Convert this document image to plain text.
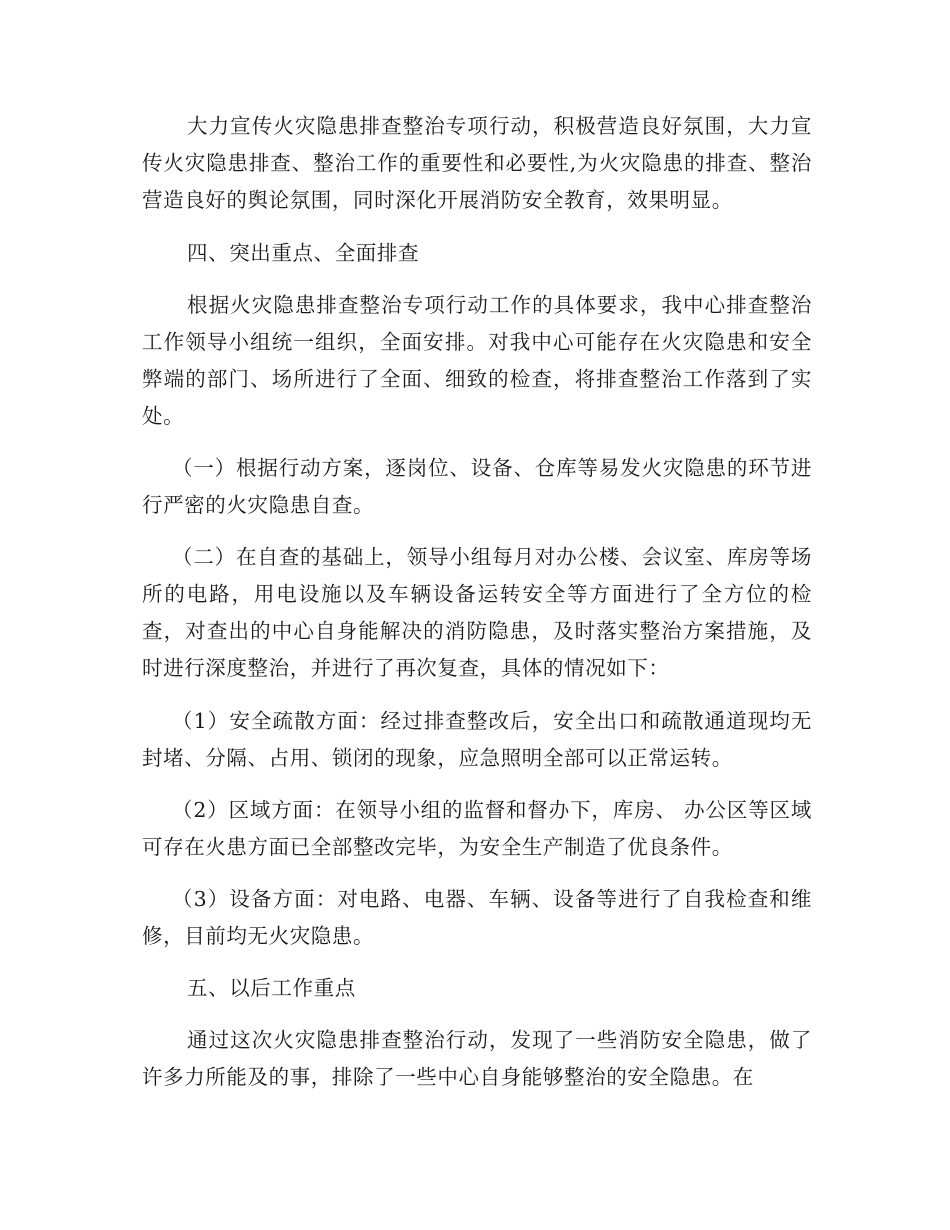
大力宣传火灾隐患排查整治专项行动，积极营造良好氛围，大力宣传火灾隐患排查、整治工作的重要性和必要性,为火灾隐患的排查、整治营造良好的舆论氛围，同时深化开展消防安全教育，效果明显。

四、突出重点、全面排查

根据火灾隐患排查整治专项行动工作的具体要求，我中心排查整治工作领导小组统一组织，全面安排。对我中心可能存在火灾隐患和安全弊端的部门、场所进行了全面、细致的检查，将排查整治工作落到了实处。

（一）根据行动方案，逐岗位、设备、仓库等易发火灾隐患的环节进行严密的火灾隐患自查。

（二）在自查的基础上，领导小组每月对办公楼、会议室、库房等场所的电路，用电设施以及车辆设备运转安全等方面进行了全方位的检查，对查出的中心自身能解决的消防隐患，及时落实整治方案措施，及时进行深度整治，并进行了再次复查，具体的情况如下：

（1）安全疏散方面：经过排查整改后，安全出口和疏散通道现均无封堵、分隔、占用、锁闭的现象，应急照明全部可以正常运转。

（2）区域方面：在领导小组的监督和督办下，库房、 办公区等区域可存在火患方面已全部整改完毕，为安全生产制造了优良条件。

（3）设备方面：对电路、电器、车辆、设备等进行了自我检查和维修，目前均无火灾隐患。

五、以后工作重点

通过这次火灾隐患排查整治行动，发现了一些消防安全隐患，做了许多力所能及的事，排除了一些中心自身能够整治的安全隐患。在
